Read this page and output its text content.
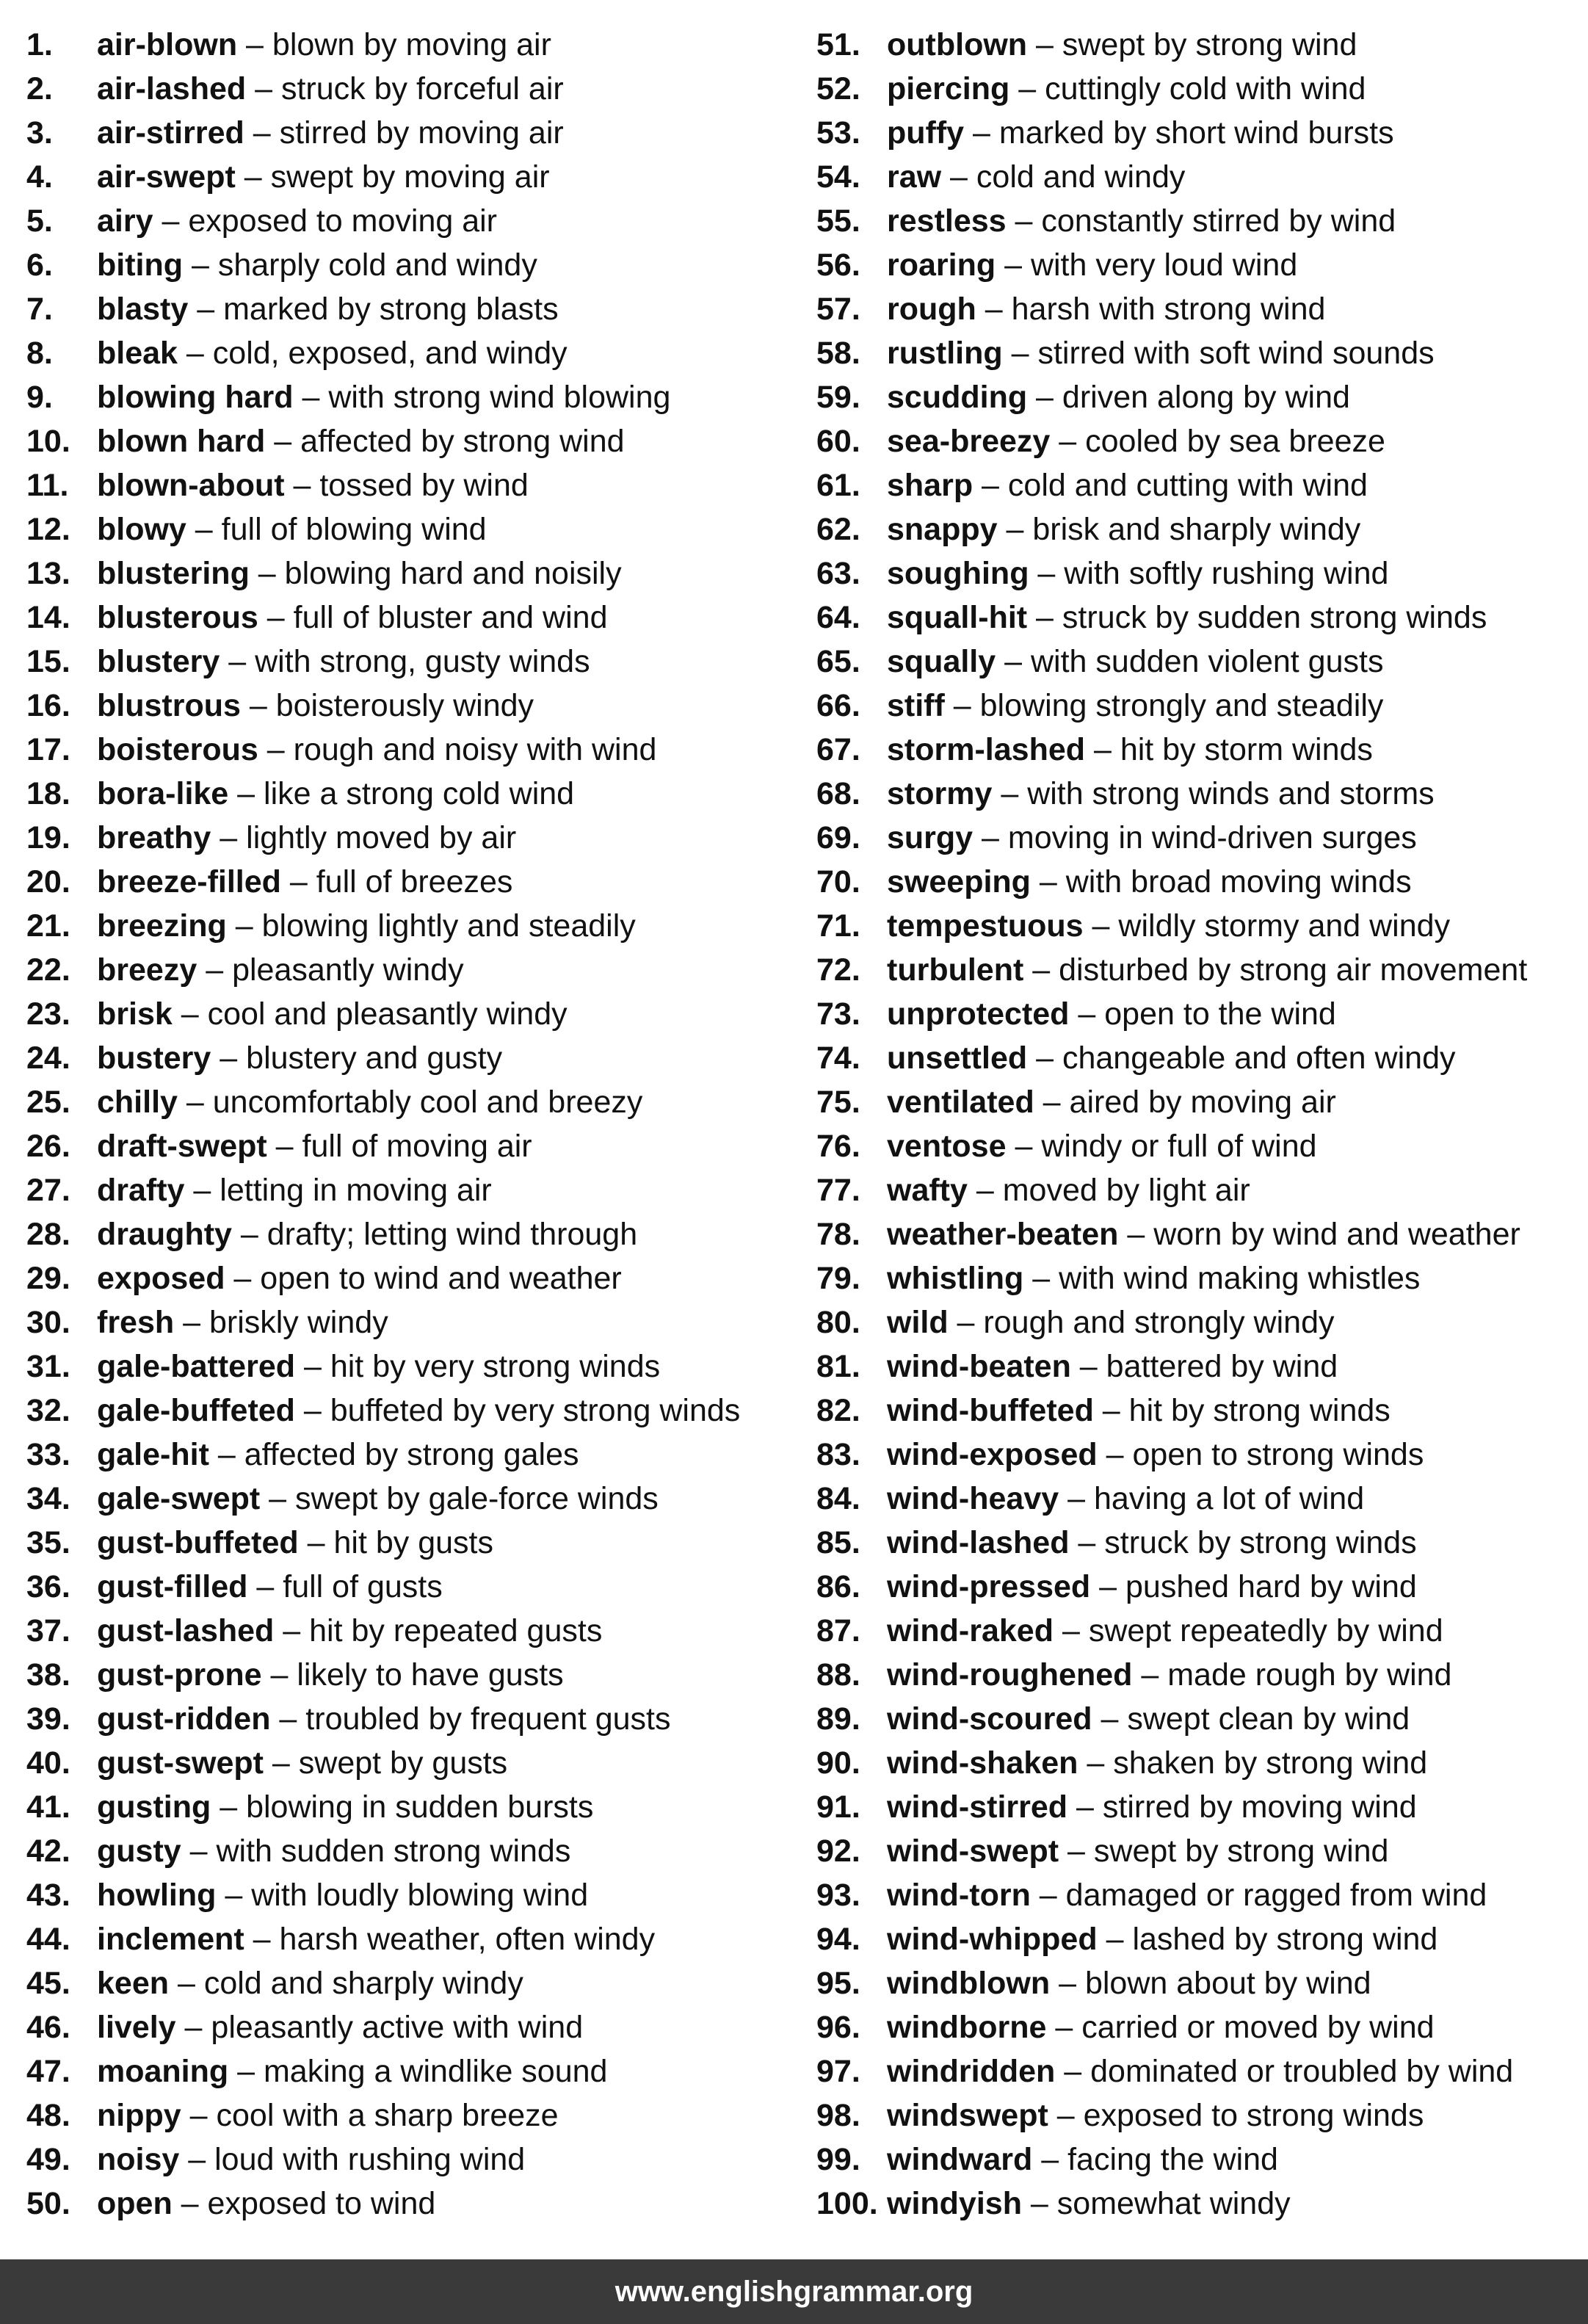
1. air-blown – blown by moving air
2. air-lashed – struck by forceful air
3. air-stirred – stirred by moving air
4. air-swept – swept by moving air
5. airy – exposed to moving air
6. biting – sharply cold and windy
7. blasty – marked by strong blasts
8. bleak – cold, exposed, and windy
9. blowing hard – with strong wind blowing
10. blown hard – affected by strong wind
11. blown-about – tossed by wind
12. blowy – full of blowing wind
13. blustering – blowing hard and noisily
14. blusterous – full of bluster and wind
15. blustery – with strong, gusty winds
16. blustrous – boisterously windy
17. boisterous – rough and noisy with wind
18. bora-like – like a strong cold wind
19. breathy – lightly moved by air
20. breeze-filled – full of breezes
21. breezing – blowing lightly and steadily
22. breezy – pleasantly windy
23. brisk – cool and pleasantly windy
24. bustery – blustery and gusty
25. chilly – uncomfortably cool and breezy
26. draft-swept – full of moving air
27. drafty – letting in moving air
28. draughty – drafty; letting wind through
29. exposed – open to wind and weather
30. fresh – briskly windy
31. gale-battered – hit by very strong winds
32. gale-buffeted – buffeted by very strong winds
33. gale-hit – affected by strong gales
34. gale-swept – swept by gale-force winds
35. gust-buffeted – hit by gusts
36. gust-filled – full of gusts
37. gust-lashed – hit by repeated gusts
38. gust-prone – likely to have gusts
39. gust-ridden – troubled by frequent gusts
40. gust-swept – swept by gusts
41. gusting – blowing in sudden bursts
42. gusty – with sudden strong winds
43. howling – with loudly blowing wind
44. inclement – harsh weather, often windy
45. keen – cold and sharply windy
46. lively – pleasantly active with wind
47. moaning – making a windlike sound
48. nippy – cool with a sharp breeze
49. noisy – loud with rushing wind
50. open – exposed to wind
51. outblown – swept by strong wind
52. piercing – cuttingly cold with wind
53. puffy – marked by short wind bursts
54. raw – cold and windy
55. restless – constantly stirred by wind
56. roaring – with very loud wind
57. rough – harsh with strong wind
58. rustling – stirred with soft wind sounds
59. scudding – driven along by wind
60. sea-breezy – cooled by sea breeze
61. sharp – cold and cutting with wind
62. snappy – brisk and sharply windy
63. soughing – with softly rushing wind
64. squall-hit – struck by sudden strong winds
65. squally – with sudden violent gusts
66. stiff – blowing strongly and steadily
67. storm-lashed – hit by storm winds
68. stormy – with strong winds and storms
69. surgy – moving in wind-driven surges
70. sweeping – with broad moving winds
71. tempestuous – wildly stormy and windy
72. turbulent – disturbed by strong air movement
73. unprotected – open to the wind
74. unsettled – changeable and often windy
75. ventilated – aired by moving air
76. ventose – windy or full of wind
77. wafty – moved by light air
78. weather-beaten – worn by wind and weather
79. whistling – with wind making whistles
80. wild – rough and strongly windy
81. wind-beaten – battered by wind
82. wind-buffeted – hit by strong winds
83. wind-exposed – open to strong winds
84. wind-heavy – having a lot of wind
85. wind-lashed – struck by strong winds
86. wind-pressed – pushed hard by wind
87. wind-raked – swept repeatedly by wind
88. wind-roughened – made rough by wind
89. wind-scoured – swept clean by wind
90. wind-shaken – shaken by strong wind
91. wind-stirred – stirred by moving wind
92. wind-swept – swept by strong wind
93. wind-torn – damaged or ragged from wind
94. wind-whipped – lashed by strong wind
95. windblown – blown about by wind
96. windborne – carried or moved by wind
97. windridden – dominated or troubled by wind
98. windswept – exposed to strong winds
99. windward – facing the wind
100. windyish – somewhat windy
www.englishgrammar.org
